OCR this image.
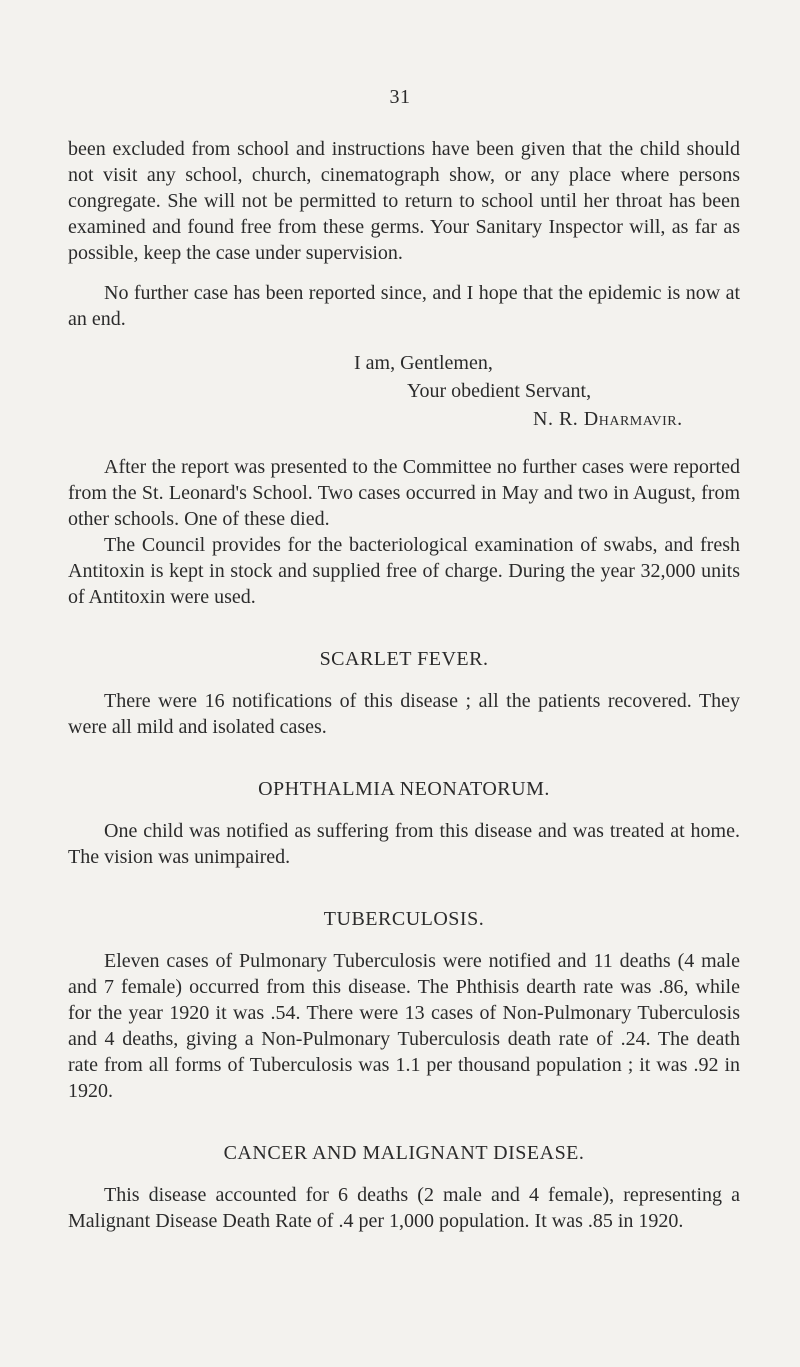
31

been excluded from school and instructions have been given that the child should not visit any school, church, cinematograph show, or any place where persons congregate. She will not be permitted to return to school until her throat has been examined and found free from these germs. Your Sanitary Inspector will, as far as possible, keep the case under supervision.

No further case has been reported since, and I hope that the epidemic is now at an end.

I am, Gentlemen,
Your obedient Servant,
N. R. Dharmavir.

After the report was presented to the Committee no further cases were reported from the St. Leonard's School. Two cases occurred in May and two in August, from other schools. One of these died.

The Council provides for the bacteriological examination of swabs, and fresh Antitoxin is kept in stock and supplied free of charge. During the year 32,000 units of Antitoxin were used.

SCARLET FEVER.

There were 16 notifications of this disease ; all the patients recovered. They were all mild and isolated cases.

OPHTHALMIA NEONATORUM.

One child was notified as suffering from this disease and was treated at home. The vision was unimpaired.

TUBERCULOSIS.

Eleven cases of Pulmonary Tuberculosis were notified and 11 deaths (4 male and 7 female) occurred from this disease. The Phthisis dearth rate was .86, while for the year 1920 it was .54. There were 13 cases of Non-Pulmonary Tuberculosis and 4 deaths, giving a Non-Pulmonary Tuberculosis death rate of .24. The death rate from all forms of Tuberculosis was 1.1 per thousand population ; it was .92 in 1920.

CANCER AND MALIGNANT DISEASE.

This disease accounted for 6 deaths (2 male and 4 female), representing a Malignant Disease Death Rate of .4 per 1,000 population. It was .85 in 1920.
